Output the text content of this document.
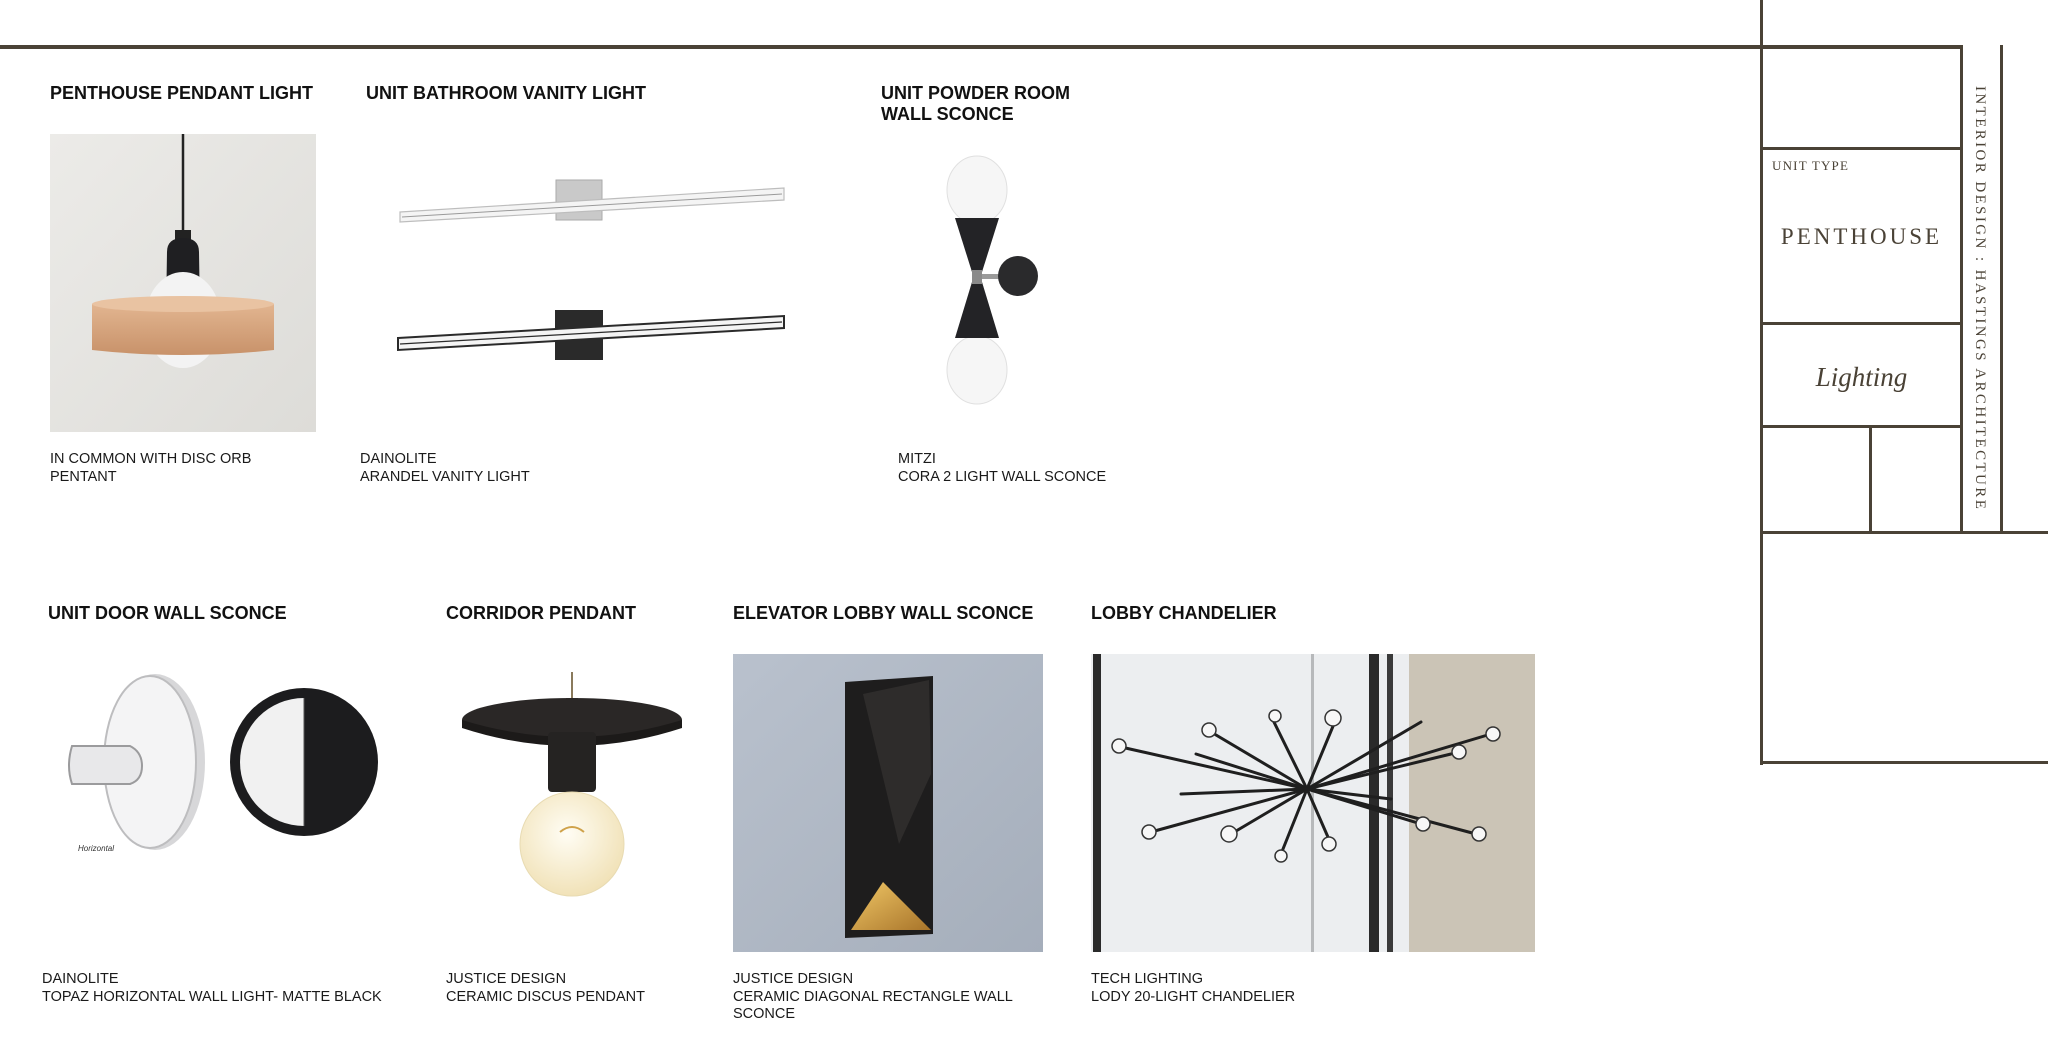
UNIT TYPE
PENTHOUSE
Lighting	INTERIOR DESIGN : HASTINGS ARCHITECTURE
PENTHOUSE PENDANT LIGHT
IN COMMON WITH DISC ORB
PENTANT
UNIT BATHROOM VANITY LIGHT
DAINOLITE
ARANDEL VANITY LIGHT
UNIT POWDER ROOM
WALL SCONCE
MITZI
CORA 2 LIGHT WALL SCONCE
UNIT DOOR WALL SCONCE
Horizontal
DAINOLITE
TOPAZ HORIZONTAL WALL LIGHT- MATTE BLACK
CORRIDOR PENDANT
JUSTICE DESIGN
CERAMIC DISCUS PENDANT
ELEVATOR LOBBY WALL SCONCE
JUSTICE DESIGN
CERAMIC DIAGONAL RECTANGLE WALL SCONCE
LOBBY CHANDELIER
TECH LIGHTING
LODY 20-LIGHT CHANDELIER
